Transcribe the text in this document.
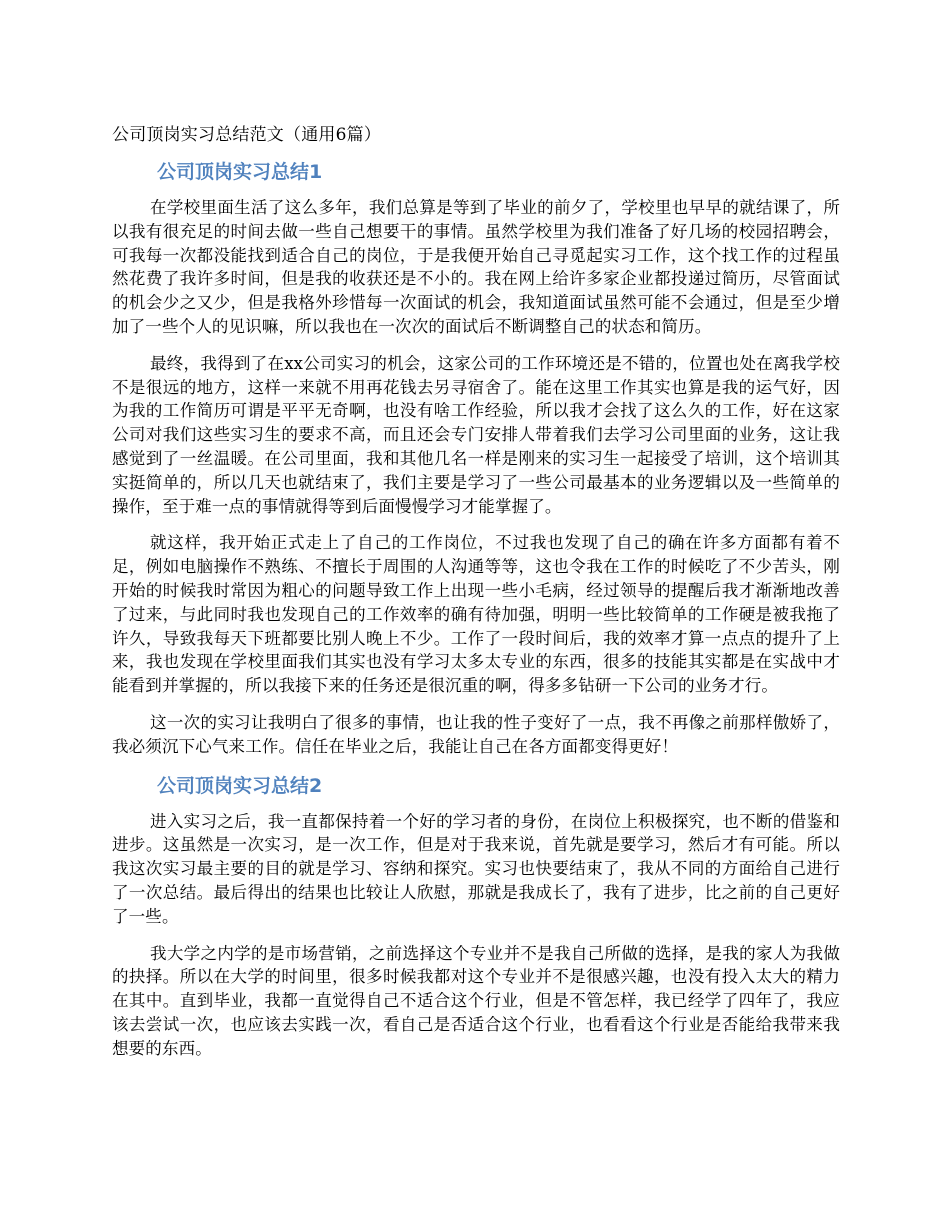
公司顶岗实习总结范文（通用6篇）
公司顶岗实习总结1

在学校里面生活了这么多年，我们总算是等到了毕业的前夕了，学校里也早早的就结课了，所以我有很充足的时间去做一些自己想要干的事情。虽然学校里为我们准备了好几场的校园招聘会，可我每一次都没能找到适合自己的岗位，于是我便开始自己寻觅起实习工作，这个找工作的过程虽然花费了我许多时间，但是我的收获还是不小的。我在网上给许多家企业都投递过简历，尽管面试的机会少之又少，但是我格外珍惜每一次面试的机会，我知道面试虽然可能不会通过，但是至少增加了一些个人的见识嘛，所以我也在一次次的面试后不断调整自己的状态和简历。

最终，我得到了在xx公司实习的机会，这家公司的工作环境还是不错的，位置也处在离我学校不是很远的地方，这样一来就不用再花钱去另寻宿舍了。能在这里工作其实也算是我的运气好，因为我的工作简历可谓是平平无奇啊，也没有啥工作经验，所以我才会找了这么久的工作，好在这家公司对我们这些实习生的要求不高，而且还会专门安排人带着我们去学习公司里面的业务，这让我感觉到了一丝温暖。在公司里面，我和其他几名一样是刚来的实习生一起接受了培训，这个培训其实挺简单的，所以几天也就结束了，我们主要是学习了一些公司最基本的业务逻辑以及一些简单的操作，至于难一点的事情就得等到后面慢慢学习才能掌握了。

就这样，我开始正式走上了自己的工作岗位，不过我也发现了自己的确在许多方面都有着不足，例如电脑操作不熟练、不擅长于周围的人沟通等等，这也令我在工作的时候吃了不少苦头，刚开始的时候我时常因为粗心的问题导致工作上出现一些小毛病，经过领导的提醒后我才渐渐地改善了过来，与此同时我也发现自己的工作效率的确有待加强，明明一些比较简单的工作硬是被我拖了许久，导致我每天下班都要比别人晚上不少。工作了一段时间后，我的效率才算一点点的提升了上来，我也发现在学校里面我们其实也没有学习太多太专业的东西，很多的技能其实都是在实战中才能看到并掌握的，所以我接下来的任务还是很沉重的啊，得多多钻研一下公司的业务才行。

这一次的实习让我明白了很多的事情，也让我的性子变好了一点，我不再像之前那样傲娇了，我必须沉下心气来工作。信任在毕业之后，我能让自己在各方面都变得更好！

公司顶岗实习总结2

进入实习之后，我一直都保持着一个好的学习者的身份，在岗位上积极探究，也不断的借鉴和进步。这虽然是一次实习，是一次工作，但是对于我来说，首先就是要学习，然后才有可能。所以我这次实习最主要的目的就是学习、容纳和探究。实习也快要结束了，我从不同的方面给自己进行了一次总结。最后得出的结果也比较让人欣慰，那就是我成长了，我有了进步，比之前的自己更好了一些。

我大学之内学的是市场营销，之前选择这个专业并不是我自己所做的选择，是我的家人为我做的抉择。所以在大学的时间里，很多时候我都对这个专业并不是很感兴趣，也没有投入太大的精力在其中。直到毕业，我都一直觉得自己不适合这个行业，但是不管怎样，我已经学了四年了，我应该去尝试一次，也应该去实践一次，看自己是否适合这个行业，也看看这个行业是否能给我带来我想要的东西。
